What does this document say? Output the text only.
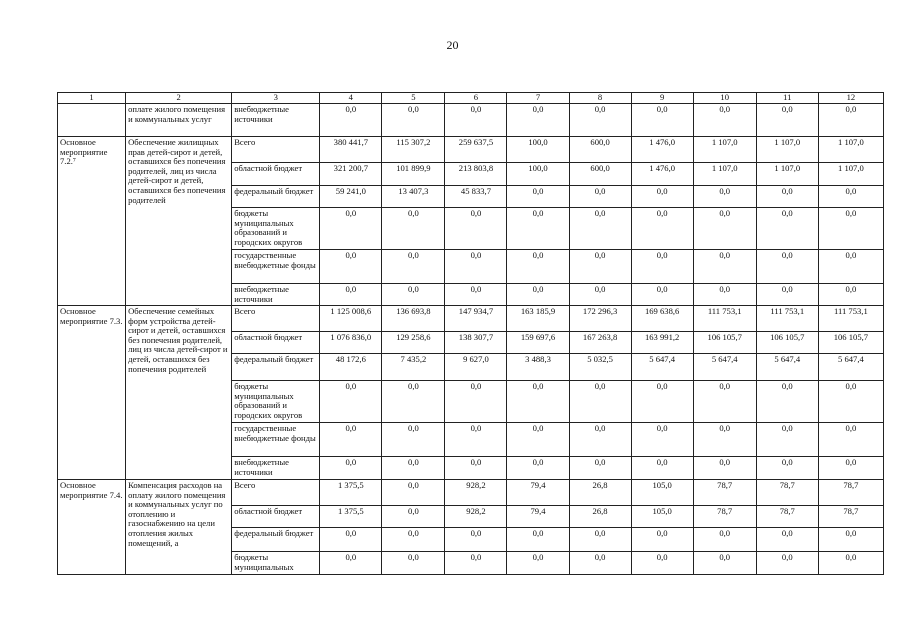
20
1	2	3	4	5	6	7	8	9	10	11	12
	оплате жилого помещения и коммунальных услуг	внебюджетные источники	0,0	0,0	0,0	0,0	0,0	0,0	0,0	0,0	0,0
Основное мероприятие 7.2.⁷	Обеспечение жилищных прав детей-сирот и детей, оставшихся без попечения родителей, лиц из числа детей-сирот и детей, оставшихся без попечения родителей	Всего	380 441,7	115 307,2	259 637,5	100,0	600,0	1 476,0	1 107,0	1 107,0	1 107,0
		областной бюджет	321 200,7	101 899,9	213 803,8	100,0	600,0	1 476,0	1 107,0	1 107,0	1 107,0
		федеральный бюджет	59 241,0	13 407,3	45 833,7	0,0	0,0	0,0	0,0	0,0	0,0
		бюджеты муниципальных образований и городских округов	0,0	0,0	0,0	0,0	0,0	0,0	0,0	0,0	0,0
		государственные внебюджетные фонды	0,0	0,0	0,0	0,0	0,0	0,0	0,0	0,0	0,0
		внебюджетные источники	0,0	0,0	0,0	0,0	0,0	0,0	0,0	0,0	0,0
Основное мероприятие 7.3.	Обеспечение семейных форм устройства детей-сирот и детей, оставшихся без попечения родителей, лиц из числа детей-сирот и детей, оставшихся без попечения родителей	Всего	1 125 008,6	136 693,8	147 934,7	163 185,9	172 296,3	169 638,6	111 753,1	111 753,1	111 753,1
		областной бюджет	1 076 836,0	129 258,6	138 307,7	159 697,6	167 263,8	163 991,2	106 105,7	106 105,7	106 105,7
		федеральный бюджет	48 172,6	7 435,2	9 627,0	3 488,3	5 032,5	5 647,4	5 647,4	5 647,4	5 647,4
		бюджеты муниципальных образований и городских округов	0,0	0,0	0,0	0,0	0,0	0,0	0,0	0,0	0,0
		государственные внебюджетные фонды	0,0	0,0	0,0	0,0	0,0	0,0	0,0	0,0	0,0
		внебюджетные источники	0,0	0,0	0,0	0,0	0,0	0,0	0,0	0,0	0,0
Основное мероприятие 7.4.	Компенсация расходов на оплату жилого помещения и коммунальных услуг по отоплению и газоснабжению на цели отопления жилых помещений, а	Всего	1 375,5	0,0	928,2	79,4	26,8	105,0	78,7	78,7	78,7
		областной бюджет	1 375,5	0,0	928,2	79,4	26,8	105,0	78,7	78,7	78,7
		федеральный бюджет	0,0	0,0	0,0	0,0	0,0	0,0	0,0	0,0	0,0
		бюджеты муниципальных	0,0	0,0	0,0	0,0	0,0	0,0	0,0	0,0	0,0
